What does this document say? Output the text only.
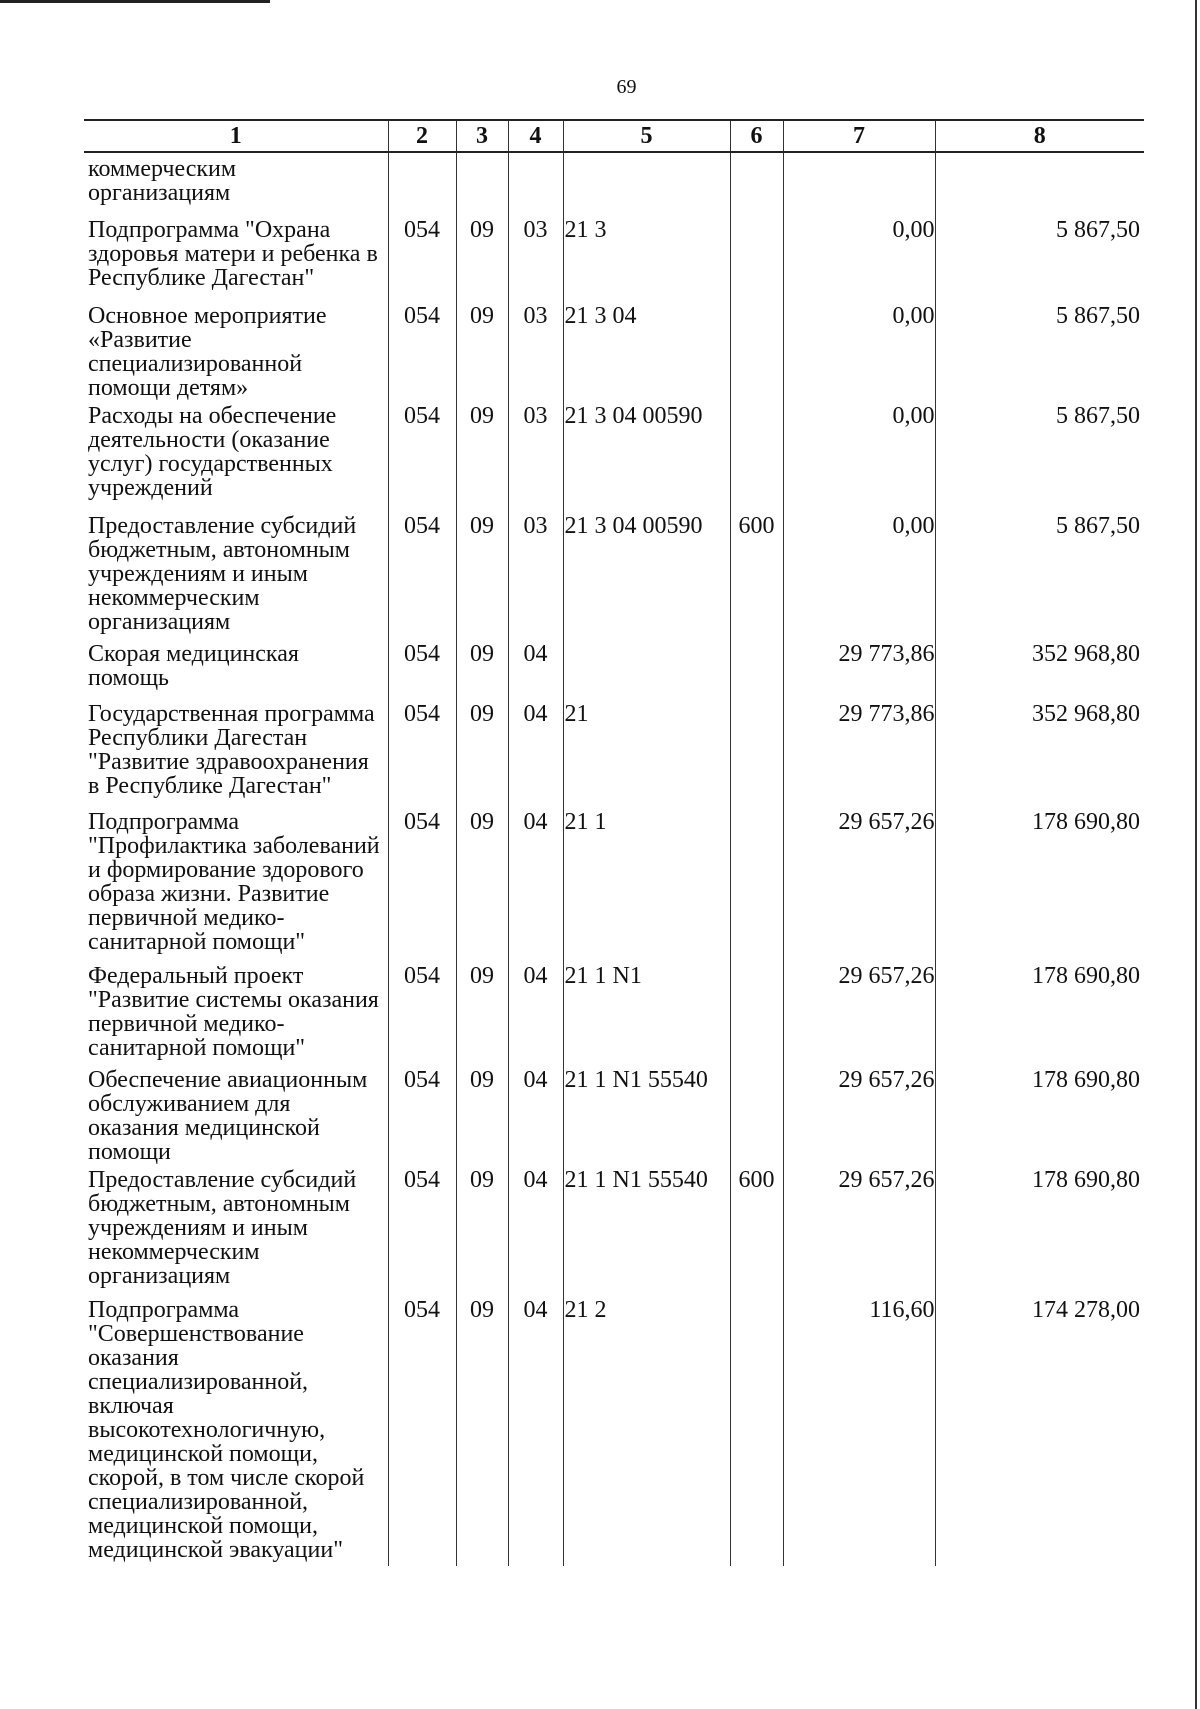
69
1	2	3	4	5	6	7	8
коммерческим организациям							
Подпрограмма "Охрана здоровья матери и ребенка в Республике Дагестан"	054	09	03	21 3		0,00	5 867,50
Основное мероприятие «Развитие специализированной помощи детям»	054	09	03	21 3 04		0,00	5 867,50
Расходы на обеспечение деятельности (оказание услуг) государственных учреждений	054	09	03	21 3 04 00590		0,00	5 867,50
Предоставление субсидий бюджетным, автономным учреждениям и иным некоммерческим организациям	054	09	03	21 3 04 00590	600	0,00	5 867,50
Скорая медицинская помощь	054	09	04			29 773,86	352 968,80
Государственная программа Республики Дагестан "Развитие здравоохранения в Республике Дагестан"	054	09	04	21		29 773,86	352 968,80
Подпрограмма "Профилактика заболеваний и формирование здорового образа жизни. Развитие первичной медико-санитарной помощи"	054	09	04	21 1		29 657,26	178 690,80
Федеральный проект "Развитие системы оказания первичной медико-санитарной помощи"	054	09	04	21 1 N1		29 657,26	178 690,80
Обеспечение авиационным обслуживанием для оказания медицинской помощи	054	09	04	21 1 N1 55540		29 657,26	178 690,80
Предоставление субсидий бюджетным, автономным учреждениям и иным некоммерческим организациям	054	09	04	21 1 N1 55540	600	29 657,26	178 690,80
Подпрограмма "Совершенствование оказания специализированной, включая высокотехнологичную, медицинской помощи, скорой, в том числе скорой специализированной, медицинской помощи, медицинской эвакуации"	054	09	04	21 2		116,60	174 278,00
